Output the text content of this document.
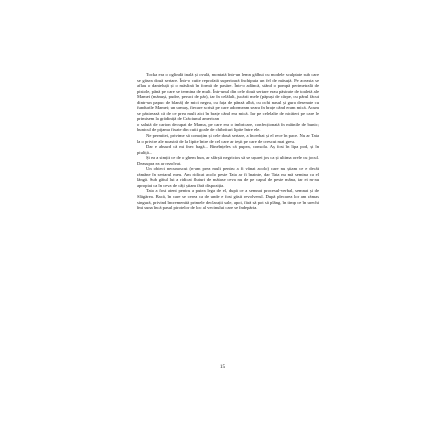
Tocka era o oglindă inală și ovală, montată într-un lemn gălbui cu modele sculptate sub care se găsea două sertare. Într-o cutie reprofată superioară închipuia un fel de măsuță. Pe aceasta se aflau o danteluță și o măslină în formă de pasăre. Într-o adâncă, stând o pompă perimetrală de pistole, până pe care se termina de mult. Într-unul din cele două sertare erau păstrate de toaletă ale Mamei (mănuși, pudre, peruci de păr), iar în celălalt, jucării mele (păpuși de cârpe, cu pârul făcut dintr-un papuc de blană) de mici negru, cu fața de pânză albă, cu ochi nasul și gura desenate cu fundurile Mamei; un urmaș, fiecare scrisă pe care adormeam seara în brațe când eram mică. Acum se păstrează că de ce prea mult aici în brațe când era mică. Iar pe celelalte de nicăieri pe care le primisem la grădiniță de Crăciunul american

o salută de carton decupat de Mama, pe care era o imbricare, confecționată în mâinile de bunic; bunicul de pijama fixate din cutii goale de chibrituri lipite între ele.

Ne permitei, privime să comoțim și cele două sertare, a încerbat și el rece în pace. Nu ar Tata la o privire ale noastră de la lipite între de cel care ar ieșit pe care de crescut mai greu.

Dar e absurd că mi înec bagă... Bineînțeles că pupea, consola. Aș fost în lipa pod, și în piuliță...

Și ea a simțit ce de o ghem bun, ar sfârșit negricios să se ușurei jos ca și ultima orele cu jocul. Deasupra ea ar rezolvat.

Un obiect necunoscut (n-am prea mult pentru a fi vânat acolo) care nu știam ce e decât rămâne în sertarul meu. Am ridicat acolo peste Tata ar fi înainte, dar Tata nu mă semina ca el lângă. Sub gâtul lui a ridicat fluturi de mătase ceva nu de pe capul de peste mâna, iar ei m-au apropiat ca în ceva de câți știam fără dispoziția.

Tata a fost atent pentru a putea lega de el, după ce a semnat procesul-verbal, semnat și de Slăgărea. Bacă, în care se cerea ca de unde e fost găsit revolverul. După plecarea lor am rămas singură, privind încremenită primele declarații sale, apoi, fără să pot să plâng, în timp ce în urechi îmi suna încă pasul pirotelor de loc al vecinului care se îndepărta.

15
